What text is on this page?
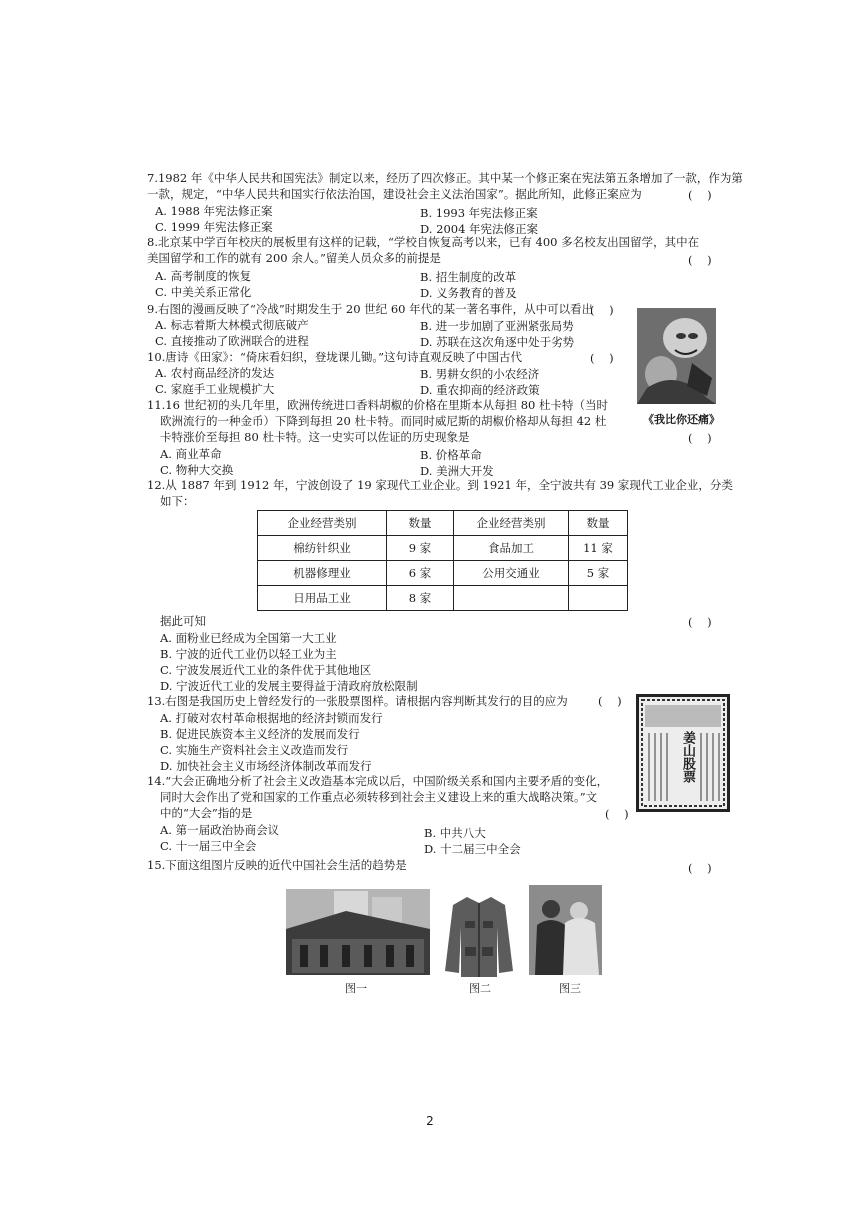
7.1982 年《中华人民共和国宪法》制定以来，经历了四次修正。其中某一个修正案在宪法第五条增加了一款，作为第
一款，规定，“中华人民共和国实行依法治国，建设社会主义法治国家”。据此所知，此修正案应为	(    )
A. 1988 年宪法修正案	B. 1993 年宪法修正案
C. 1999 年宪法修正案	D. 2004 年宪法修正案
8.北京某中学百年校庆的展板里有这样的记载，“学校自恢复高考以来，已有 400 多名校友出国留学，其中在
美国留学和工作的就有 200 余人。”留美人员众多的前提是	(    )
A. 高考制度的恢复	B. 招生制度的改革
C. 中美关系正常化	D. 义务教育的普及
9.右图的漫画反映了“冷战”时期发生于 20 世纪 60 年代的某一著名事件，从中可以看出
(    )
A. 标志着斯大林模式彻底破产	B. 进一步加剧了亚洲紧张局势
C. 直接推动了欧洲联合的进程	D. 苏联在这次角逐中处于劣势
《我比你还痛》
10.唐诗《田家》：“倚床看妇织，登垅课儿锄。”这句诗直观反映了中国古代	(    )
A. 农村商品经济的发达	B. 男耕女织的小农经济
C. 家庭手工业规模扩大	D. 重农抑商的经济政策
11.16 世纪初的头几年里，欧洲传统进口香料胡椒的价格在里斯本从每担 80 杜卡特（当时
欧洲流行的一种金币）下降到每担 20 杜卡特。而同时威尼斯的胡椒价格却从每担 42 杜
卡特涨价至每担 80 杜卡特。这一史实可以佐证的历史现象是	(    )
A. 商业革命	B. 价格革命
C. 物种大交换	D. 美洲大开发
12.从 1887 年到 1912 年，宁波创设了 19 家现代工业企业。到 1921 年，全宁波共有 39 家现代工业企业，分类
如下：
企业经营类别	数量	企业经营类别	数量
棉纺针织业	9 家	食品加工	11 家
机器修理业	6 家	公用交通业	5 家
日用品工业	8 家		
据此可知	(    )
A. 面粉业已经成为全国第一大工业
B. 宁波的近代工业仍以轻工业为主
C. 宁波发展近代工业的条件优于其他地区
D. 宁波近代工业的发展主要得益于清政府放松限制
13.右图是我国历史上曾经发行的一张股票图样。请根据内容判断其发行的目的应为	(    )
A. 打破对农村革命根据地的经济封锁而发行
B. 促进民族资本主义经济的发展而发行
C. 实施生产资料社会主义改造而发行
D. 加快社会主义市场经济体制改革而发行	姜山股票
14.“大会正确地分析了社会主义改造基本完成以后，中国阶级关系和国内主要矛盾的变化，
同时大会作出了党和国家的工作重点必须转移到社会主义建设上来的重大战略决策。”文
中的“大会”指的是	(    )
A. 第一届政治协商会议	B. 中共八大
C. 十一届三中全会	D. 十二届三中全会
15.下面这组图片反映的近代中国社会生活的趋势是	(    )
图一	图二	图三
2
